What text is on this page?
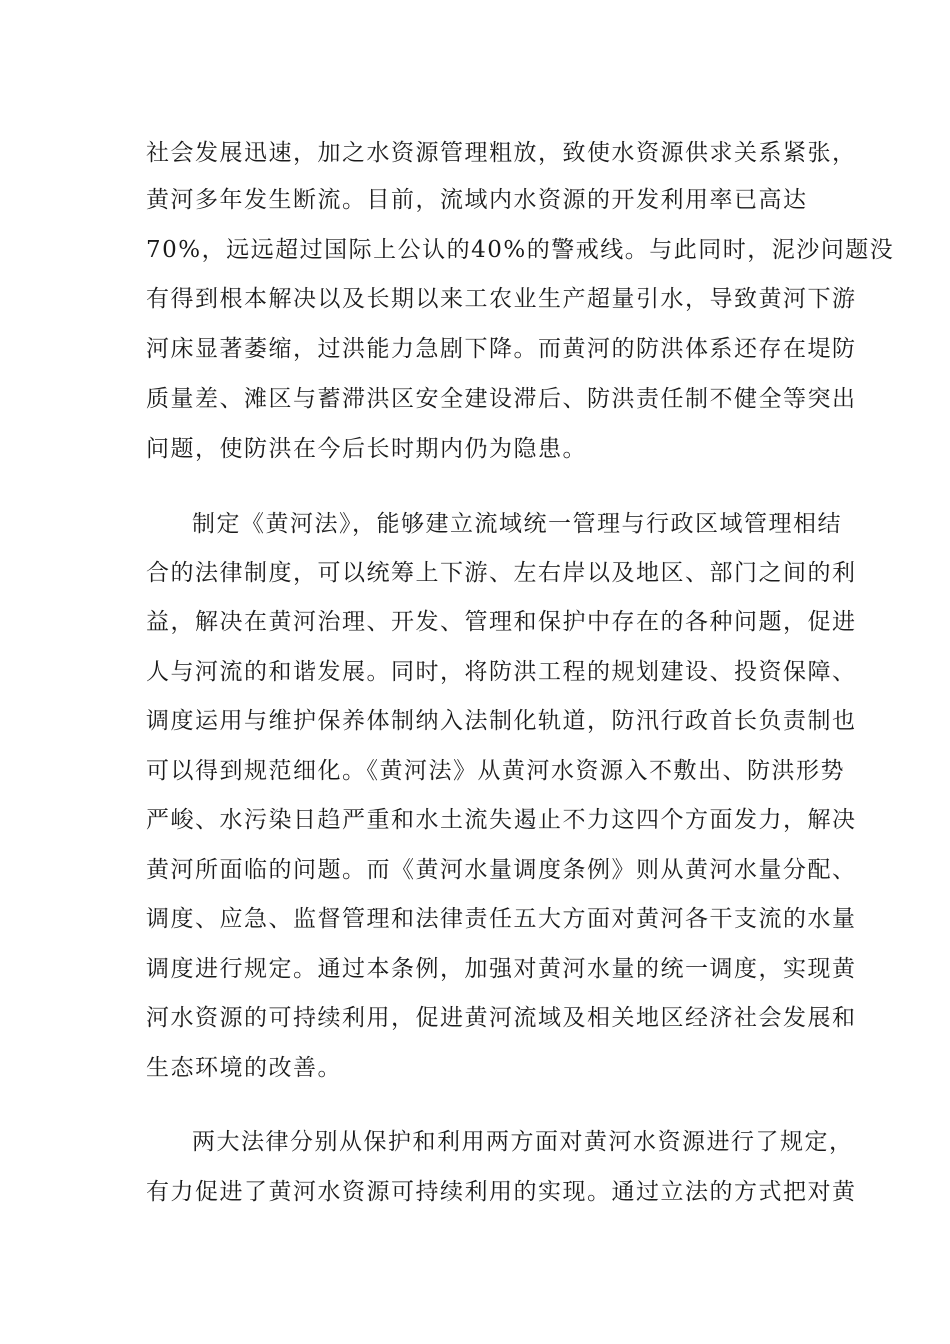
社会发展迅速，加之水资源管理粗放，致使水资源供求关系紧张，
黄河多年发生断流。目前，流域内水资源的开发利用率已高达
70%，远远超过国际上公认的40%的警戒线。与此同时，泥沙问题没
有得到根本解决以及长期以来工农业生产超量引水，导致黄河下游
河床显著萎缩，过洪能力急剧下降。而黄河的防洪体系还存在堤防
质量差、滩区与蓄滞洪区安全建设滞后、防洪责任制不健全等突出
问题，使防洪在今后长时期内仍为隐患。
制定《黄河法》，能够建立流域统一管理与行政区域管理相结
合的法律制度，可以统筹上下游、左右岸以及地区、部门之间的利
益，解决在黄河治理、开发、管理和保护中存在的各种问题，促进
人与河流的和谐发展。同时，将防洪工程的规划建设、投资保障、
调度运用与维护保养体制纳入法制化轨道，防汛行政首长负责制也
可以得到规范细化。《黄河法》从黄河水资源入不敷出、防洪形势
严峻、水污染日趋严重和水土流失遏止不力这四个方面发力，解决
黄河所面临的问题。而《黄河水量调度条例》则从黄河水量分配、
调度、应急、监督管理和法律责任五大方面对黄河各干支流的水量
调度进行规定。通过本条例，加强对黄河水量的统一调度，实现黄
河水资源的可持续利用，促进黄河流域及相关地区经济社会发展和
生态环境的改善。
两大法律分别从保护和利用两方面对黄河水资源进行了规定，
有力促进了黄河水资源可持续利用的实现。通过立法的方式把对黄
